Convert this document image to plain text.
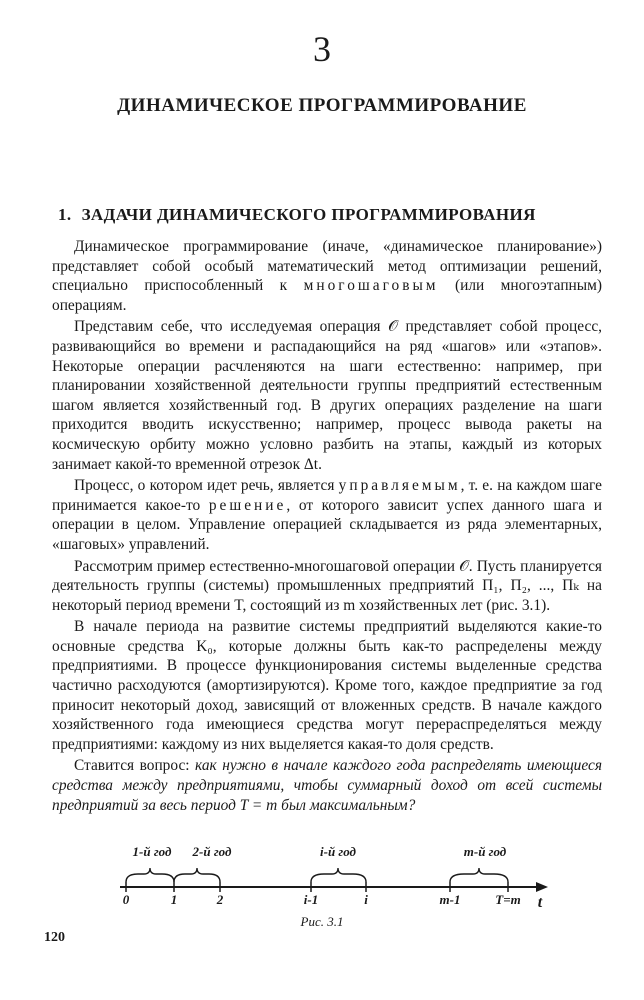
3
ДИНАМИЧЕСКОЕ ПРОГРАММИРОВАНИЕ
1. ЗАДАЧИ ДИНАМИЧЕСКОГО ПРОГРАММИРОВАНИЯ

Динамическое программирование (иначе, «динамическое планирование») представляет собой особый математический метод оптимизации решений, специально приспособленный к многошаговым (или многоэтапным) операциям.

Представим себе, что исследуемая операция 𝒪 представляет собой процесс, развивающийся во времени и распадающийся на ряд «шагов» или «этапов». Некоторые операции расчленяются на шаги естественно: например, при планировании хозяйственной деятельности группы предприятий естественным шагом является хозяйственный год. В других операциях разделение на шаги приходится вводить искусственно; например, процесс вывода ракеты на космическую орбиту можно условно разбить на этапы, каждый из которых занимает какой-то временной отрезок Δt.

Процесс, о котором идет речь, является управляемым, т. е. на каждом шаге принимается какое-то решение, от которого зависит успех данного шага и операции в целом. Управление операцией складывается из ряда элементарных, «шаговых» управлений.

Рассмотрим пример естественно-многошаговой операции 𝒪. Пусть планируется деятельность группы (системы) промышленных предприятий П₁, П₂, ..., Пₖ на некоторый период времени T, состоящий из m хозяйственных лет (рис. 3.1).

В начале периода на развитие системы предприятий выделяются какие-то основные средства K₀, которые должны быть как-то распределены между предприятиями. В процессе функционирования системы выделенные средства частично расходуются (амортизируются). Кроме того, каждое предприятие за год приносит некоторый доход, зависящий от вложенных средств. В начале каждого хозяйственного года имеющиеся средства могут перераспределяться между предприятиями: каждому из них выделяется какая-то доля средств.

Ставится вопрос: как нужно в начале каждого года распределять имеющиеся средства между предприятиями, чтобы суммарный доход от всей системы предприятий за весь период T = m был максимальным?

1-й год 2-й год	i-й год	m-й год
0	1	2	i-1	i	m-1	T=m t
Рис. 3.1
120
